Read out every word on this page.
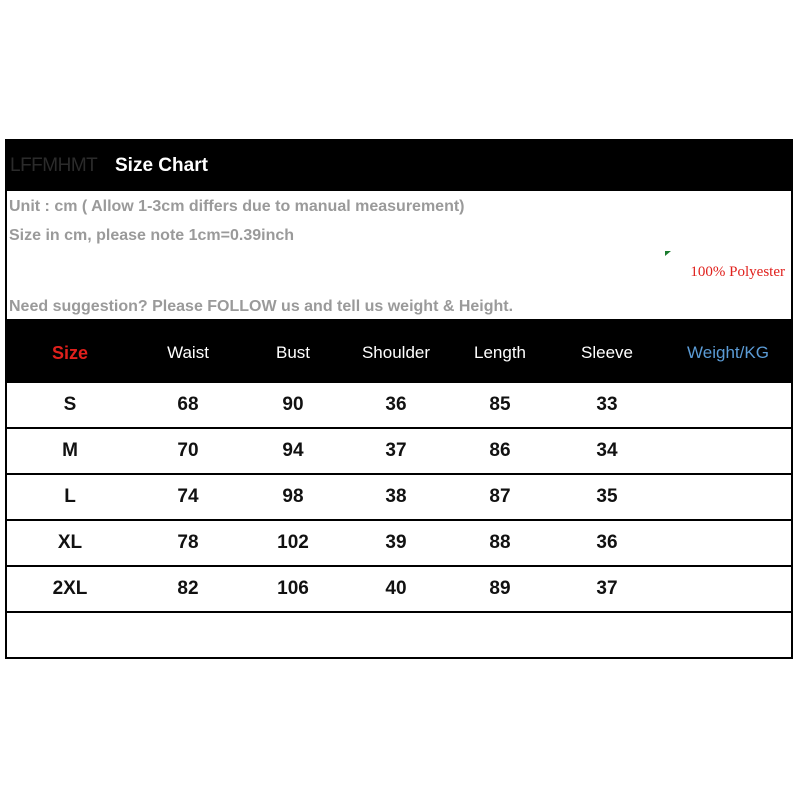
LFFMHMT Size Chart
Unit : cm ( Allow 1-3cm differs due to manual measurement)
Size in cm, please note 1cm=0.39inch
100% Polyester
Need suggestion? Please FOLLOW us and tell us weight & Height.
Size	Waist	Bust	Shoulder	Length	Sleeve	Weight/KG
S	68	90	36	85	33
M	70	94	37	86	34
L	74	98	38	87	35
XL	78	102	39	88	36
2XL	82	106	40	89	37
